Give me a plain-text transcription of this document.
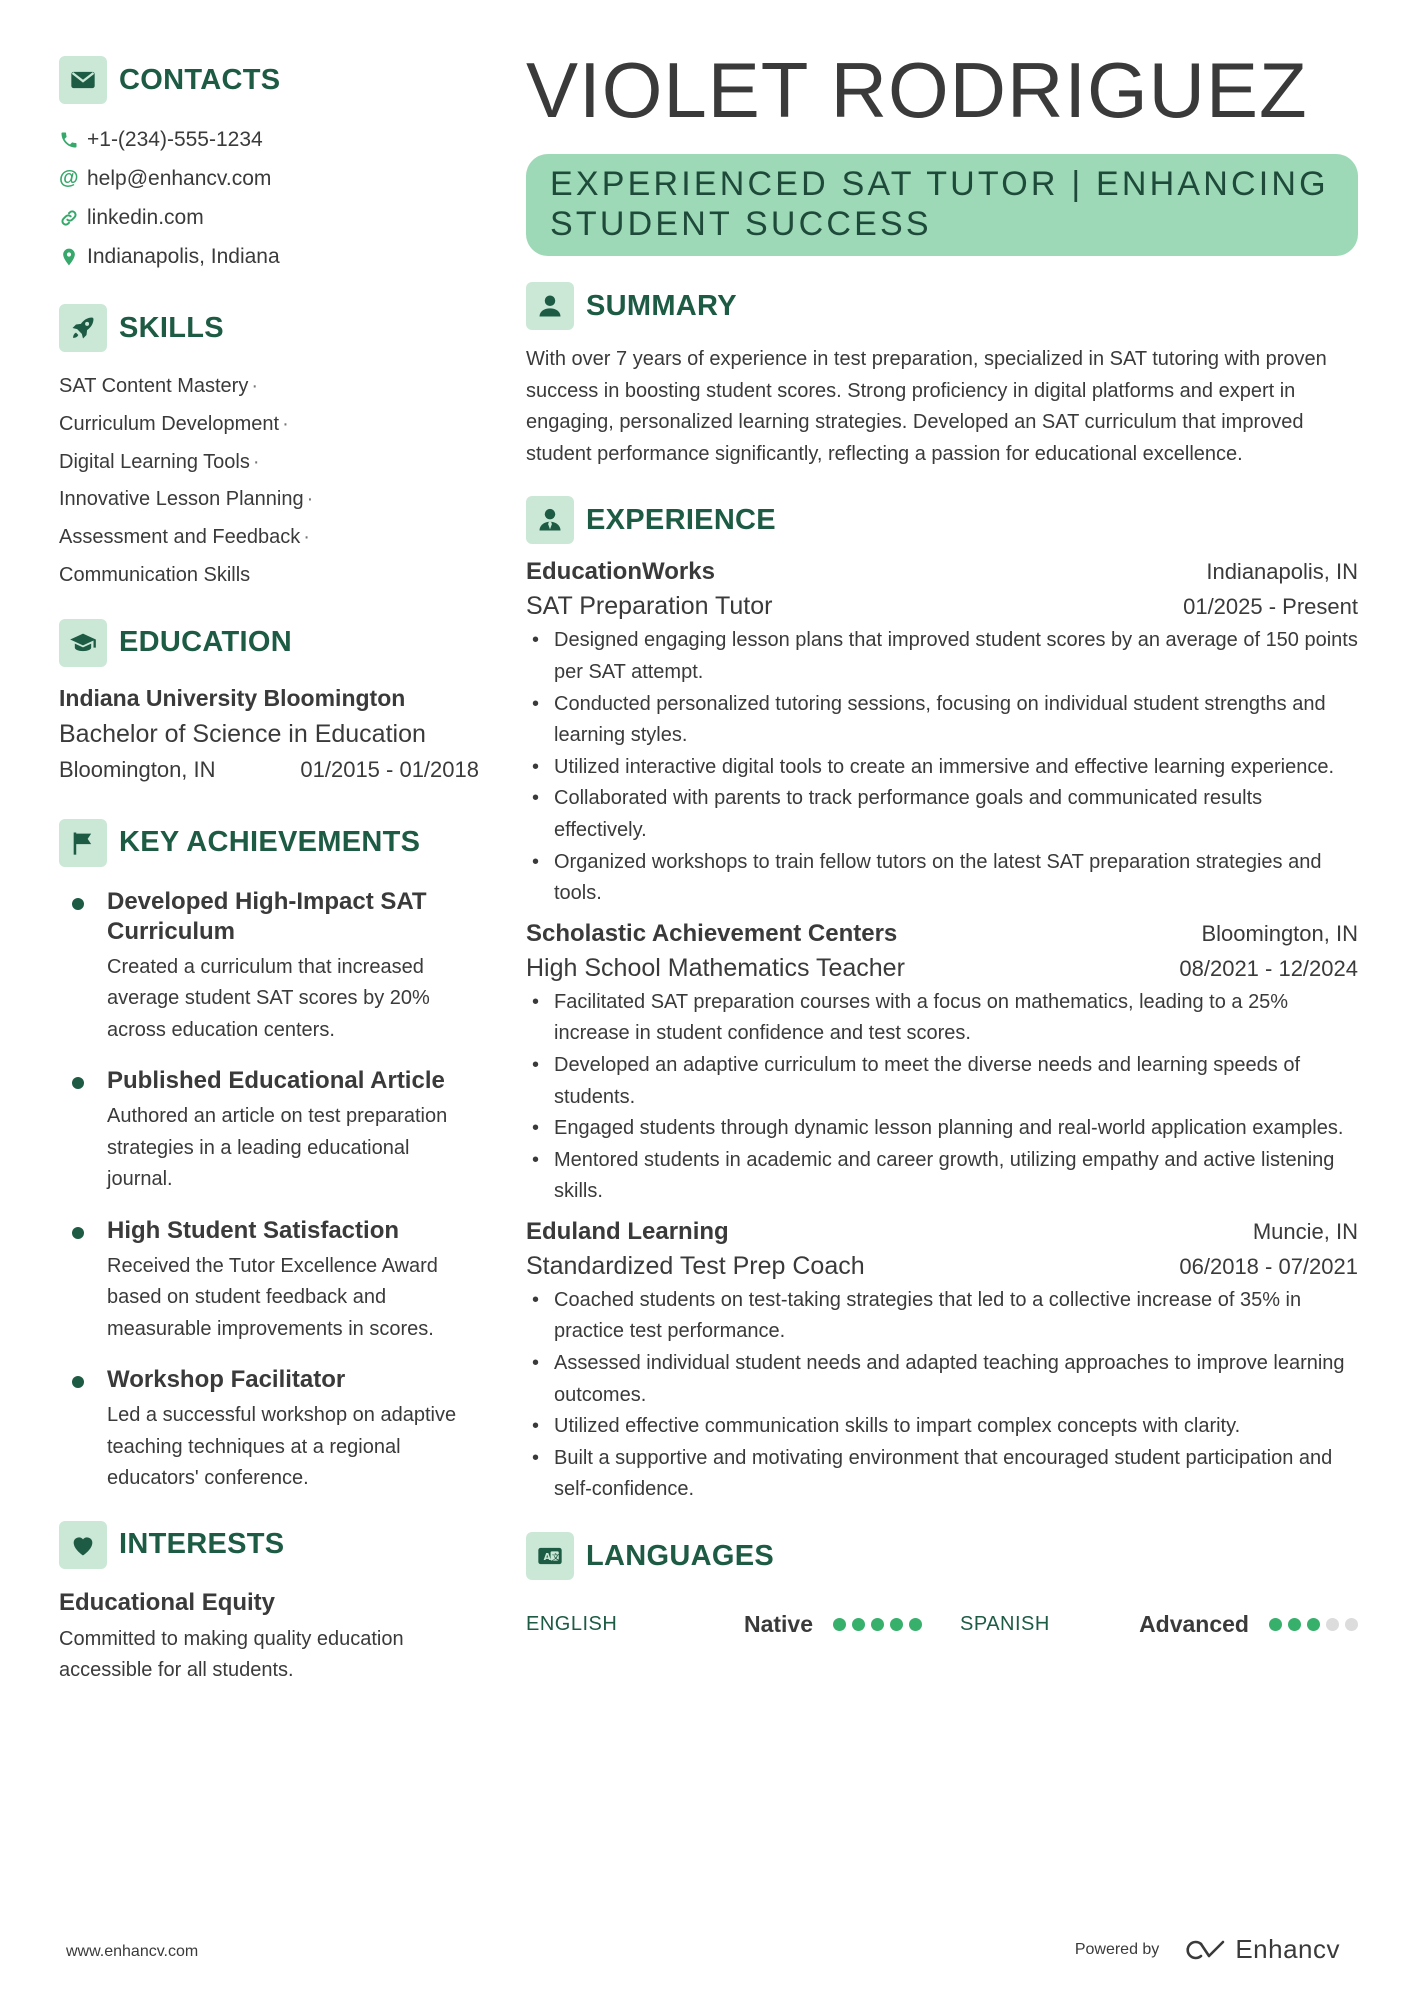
CONTACTS
+1-(234)-555-1234
@ help@enhancv.com
linkedin.com
Indianapolis, Indiana
SKILLS
SAT Content Mastery ·
Curriculum Development ·
Digital Learning Tools ·
Innovative Lesson Planning ·
Assessment and Feedback ·
Communication Skills
EDUCATION
Indiana University Bloomington
Bachelor of Science in Education
Bloomington, IN	01/2015 - 01/2018
KEY ACHIEVEMENTS
Developed High-Impact SAT Curriculum
Created a curriculum that increased average student SAT scores by 20% across education centers.
Published Educational Article
Authored an article on test preparation strategies in a leading educational journal.
High Student Satisfaction
Received the Tutor Excellence Award based on student feedback and measurable improvements in scores.
Workshop Facilitator
Led a successful workshop on adaptive teaching techniques at a regional educators' conference.
INTERESTS
Educational Equity
Committed to making quality education accessible for all students.
VIOLET RODRIGUEZ
EXPERIENCED SAT TUTOR | ENHANCING STUDENT SUCCESS
SUMMARY
With over 7 years of experience in test preparation, specialized in SAT tutoring with proven success in boosting student scores. Strong proficiency in digital platforms and expert in engaging, personalized learning strategies. Developed an SAT curriculum that improved student performance significantly, reflecting a passion for educational excellence.
EXPERIENCE
EducationWorks	Indianapolis, IN
SAT Preparation Tutor	01/2025 - Present
• Designed engaging lesson plans that improved student scores by an average of 150 points per SAT attempt.
• Conducted personalized tutoring sessions, focusing on individual student strengths and learning styles.
• Utilized interactive digital tools to create an immersive and effective learning experience.
• Collaborated with parents to track performance goals and communicated results effectively.
• Organized workshops to train fellow tutors on the latest SAT preparation strategies and tools.
Scholastic Achievement Centers	Bloomington, IN
High School Mathematics Teacher	08/2021 - 12/2024
• Facilitated SAT preparation courses with a focus on mathematics, leading to a 25% increase in student confidence and test scores.
• Developed an adaptive curriculum to meet the diverse needs and learning speeds of students.
• Engaged students through dynamic lesson planning and real-world application examples.
• Mentored students in academic and career growth, utilizing empathy and active listening skills.
Eduland Learning	Muncie, IN
Standardized Test Prep Coach	06/2018 - 07/2021
• Coached students on test-taking strategies that led to a collective increase of 35% in practice test performance.
• Assessed individual student needs and adapted teaching approaches to improve learning outcomes.
• Utilized effective communication skills to impart complex concepts with clarity.
• Built a supportive and motivating environment that encouraged student participation and self-confidence.
A 文 LANGUAGES
ENGLISH	Native	SPANISH	Advanced
www.enhancv.com	Powered by	Enhancv
